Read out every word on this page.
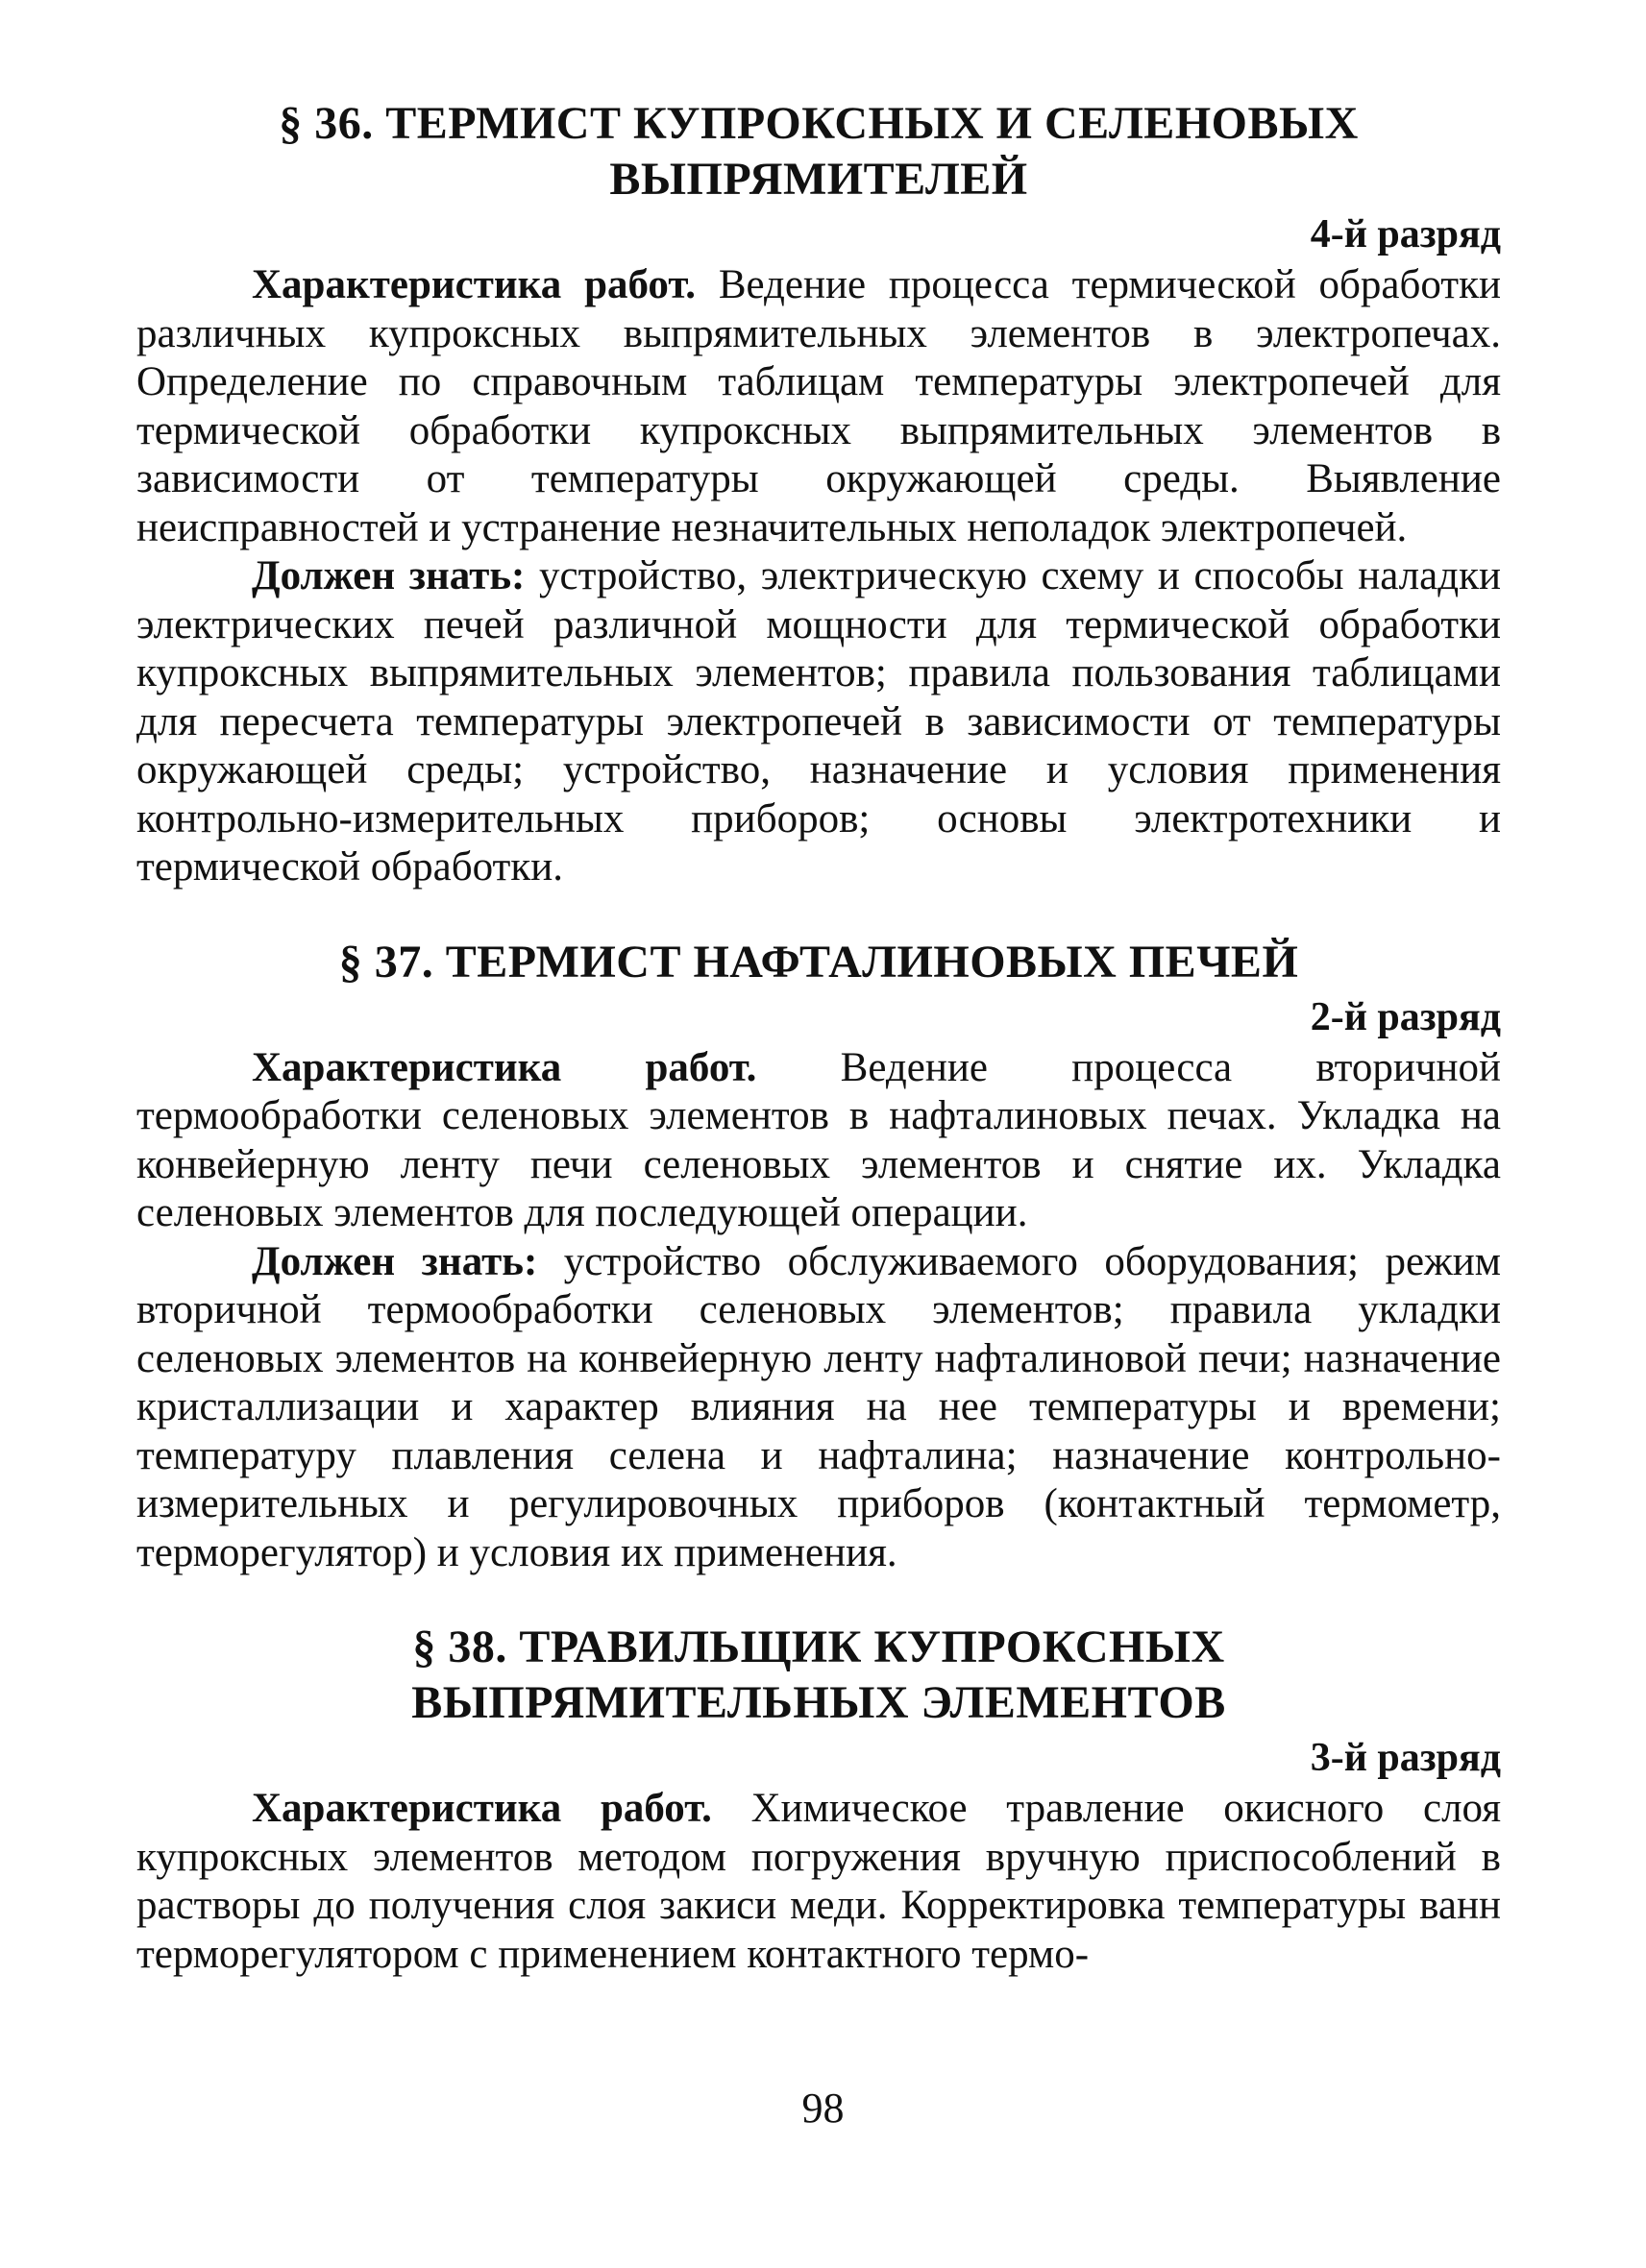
§ 36. ТЕРМИСТ КУПРОКСНЫХ И СЕЛЕНОВЫХ
ВЫПРЯМИТЕЛЕЙ

4-й разряд

Характеристика работ. Ведение процесса термической обработки различных купроксных выпрямительных элементов в электропечах. Определение по справочным таблицам температуры электропечей для термической обработки купроксных выпрямительных элементов в зависимости от температуры окружающей среды. Выявление неисправностей и устранение незначительных неполадок электропечей.

Должен знать: устройство, электрическую схему и способы наладки электрических печей различной мощности для термической обработки купроксных выпрямительных элементов; правила пользования таблицами для пересчета температуры электропечей в зависимости от температуры окружающей среды; устройство, назначение и условия применения контрольно-измерительных приборов; основы электротехники и термической обработки.

§ 37. ТЕРМИСТ НАФТАЛИНОВЫХ ПЕЧЕЙ

2-й разряд

Характеристика работ. Ведение процесса вторичной термообработки селеновых элементов в нафталиновых печах. Укладка на конвейерную ленту печи селеновых элементов и снятие их. Укладка селеновых элементов для последующей операции.

Должен знать: устройство обслуживаемого оборудования; режим вторичной термообработки селеновых элементов; правила укладки селеновых элементов на конвейерную ленту нафталиновой печи; назначение кристаллизации и характер влияния на нее температуры и времени; температуру плавления селена и нафталина; назначение контрольно-измерительных и регулировочных приборов (контактный термометр, терморегулятор) и условия их применения.

§ 38. ТРАВИЛЬЩИК КУПРОКСНЫХ
ВЫПРЯМИТЕЛЬНЫХ ЭЛЕМЕНТОВ

3-й разряд

Характеристика работ. Химическое травление окисного слоя купроксных элементов методом погружения вручную приспособлений в растворы до получения слоя закиси меди. Корректировка температуры ванн терморегулятором с применением контактного термо-

98
